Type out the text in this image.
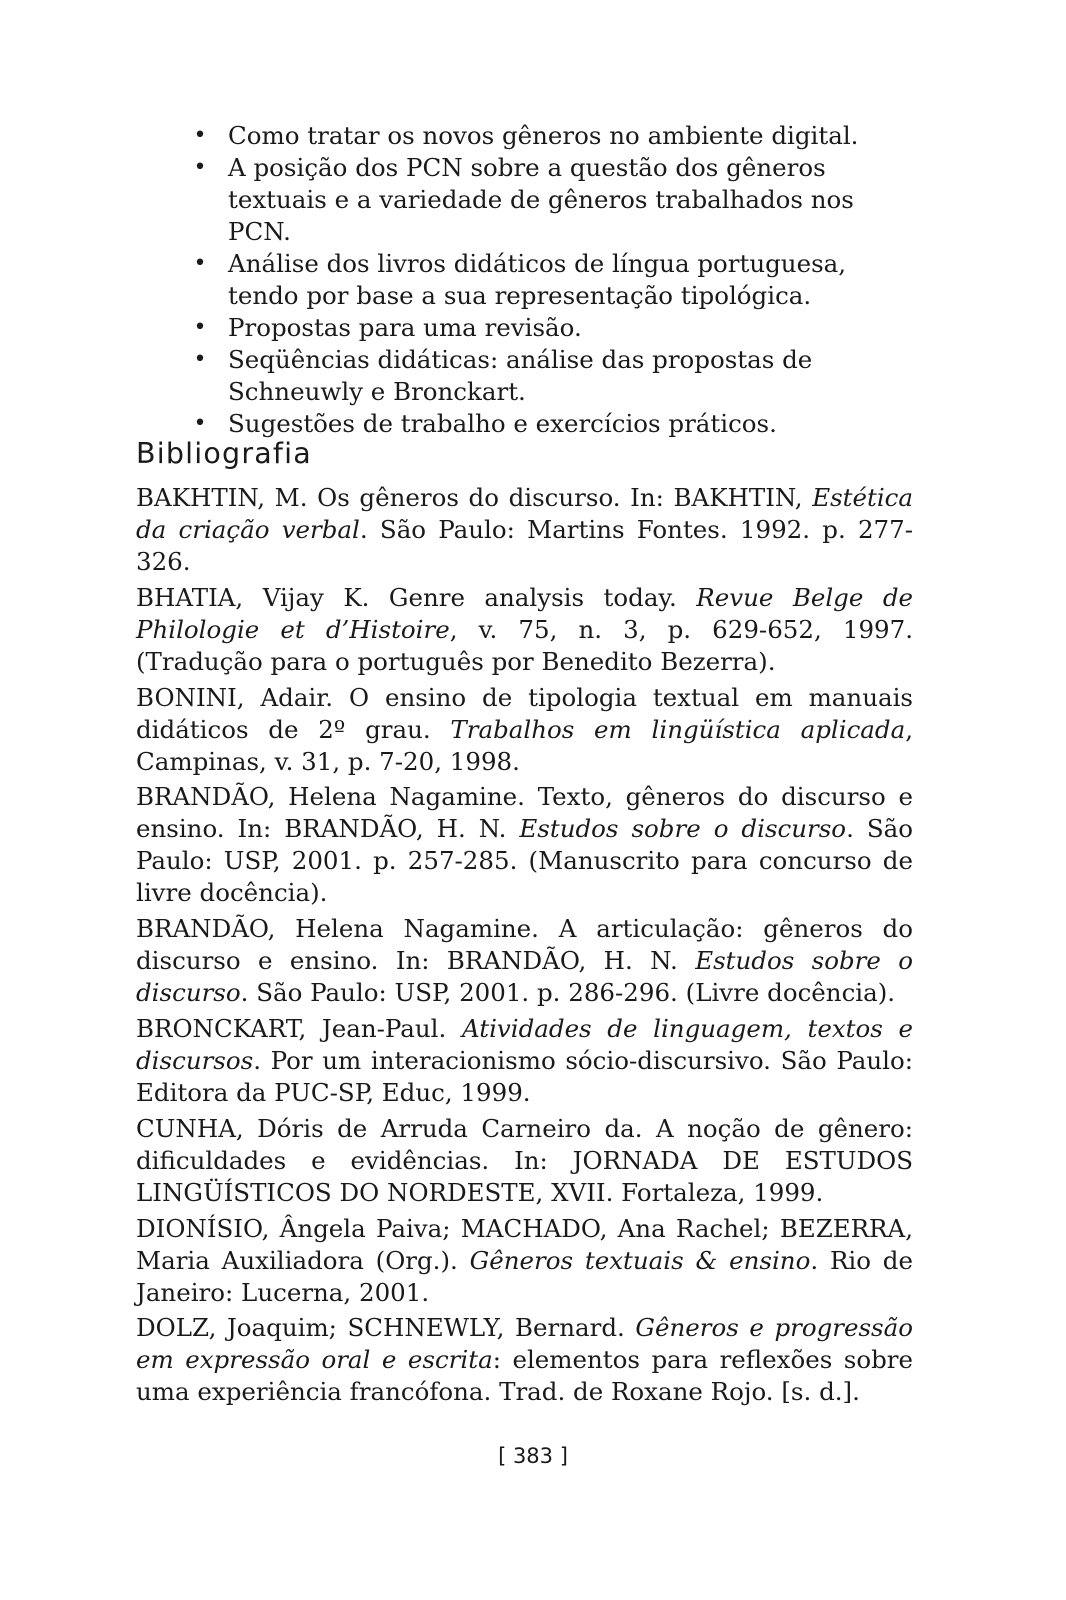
• Como tratar os novos gêneros no ambiente digital.
• A posição dos PCN sobre a questão dos gêneros textuais e a variedade de gêneros trabalhados nos PCN.
• Análise dos livros didáticos de língua portuguesa, tendo por base a sua representação tipológica.
• Propostas para uma revisão.
• Seqüências didáticas: análise das propostas de Schneuwly e Bronckart.
• Sugestões de trabalho e exercícios práticos.
Bibliografia
BAKHTIN, M. Os gêneros do discurso. In: BAKHTIN, Estética da criação verbal. São Paulo: Martins Fontes. 1992. p. 277-326.
BHATIA, Vijay K. Genre analysis today. Revue Belge de Philologie et d’Histoire, v. 75, n. 3, p. 629-652, 1997. (Tradução para o português por Benedito Bezerra).
BONINI, Adair. O ensino de tipologia textual em manuais didáticos de 2º grau. Trabalhos em lingüística aplicada, Campinas, v. 31, p. 7-20, 1998.
BRANDÃO, Helena Nagamine. Texto, gêneros do discurso e ensino. In: BRANDÃO, H. N. Estudos sobre o discurso. São Paulo: USP, 2001. p. 257-285. (Manuscrito para concurso de livre docência).
BRANDÃO, Helena Nagamine. A articulação: gêneros do discurso e ensino. In: BRANDÃO, H. N. Estudos sobre o discurso. São Paulo: USP, 2001. p. 286-296. (Livre docência).
BRONCKART, Jean-Paul. Atividades de linguagem, textos e discursos. Por um interacionismo sócio-discursivo. São Paulo: Editora da PUC-SP, Educ, 1999.
CUNHA, Dóris de Arruda Carneiro da. A noção de gênero: dificuldades e evidências. In: JORNADA DE ESTUDOS LINGÜÍSTICOS DO NORDESTE, XVII. Fortaleza, 1999.
DIONÍSIO, Ângela Paiva; MACHADO, Ana Rachel; BEZERRA, Maria Auxiliadora (Org.). Gêneros textuais & ensino. Rio de Janeiro: Lucerna, 2001.
DOLZ, Joaquim; SCHNEWLY, Bernard. Gêneros e progressão em expressão oral e escrita: elementos para reflexões sobre uma experiência francófona. Trad. de Roxane Rojo. [s. d.].
[ 383 ]
